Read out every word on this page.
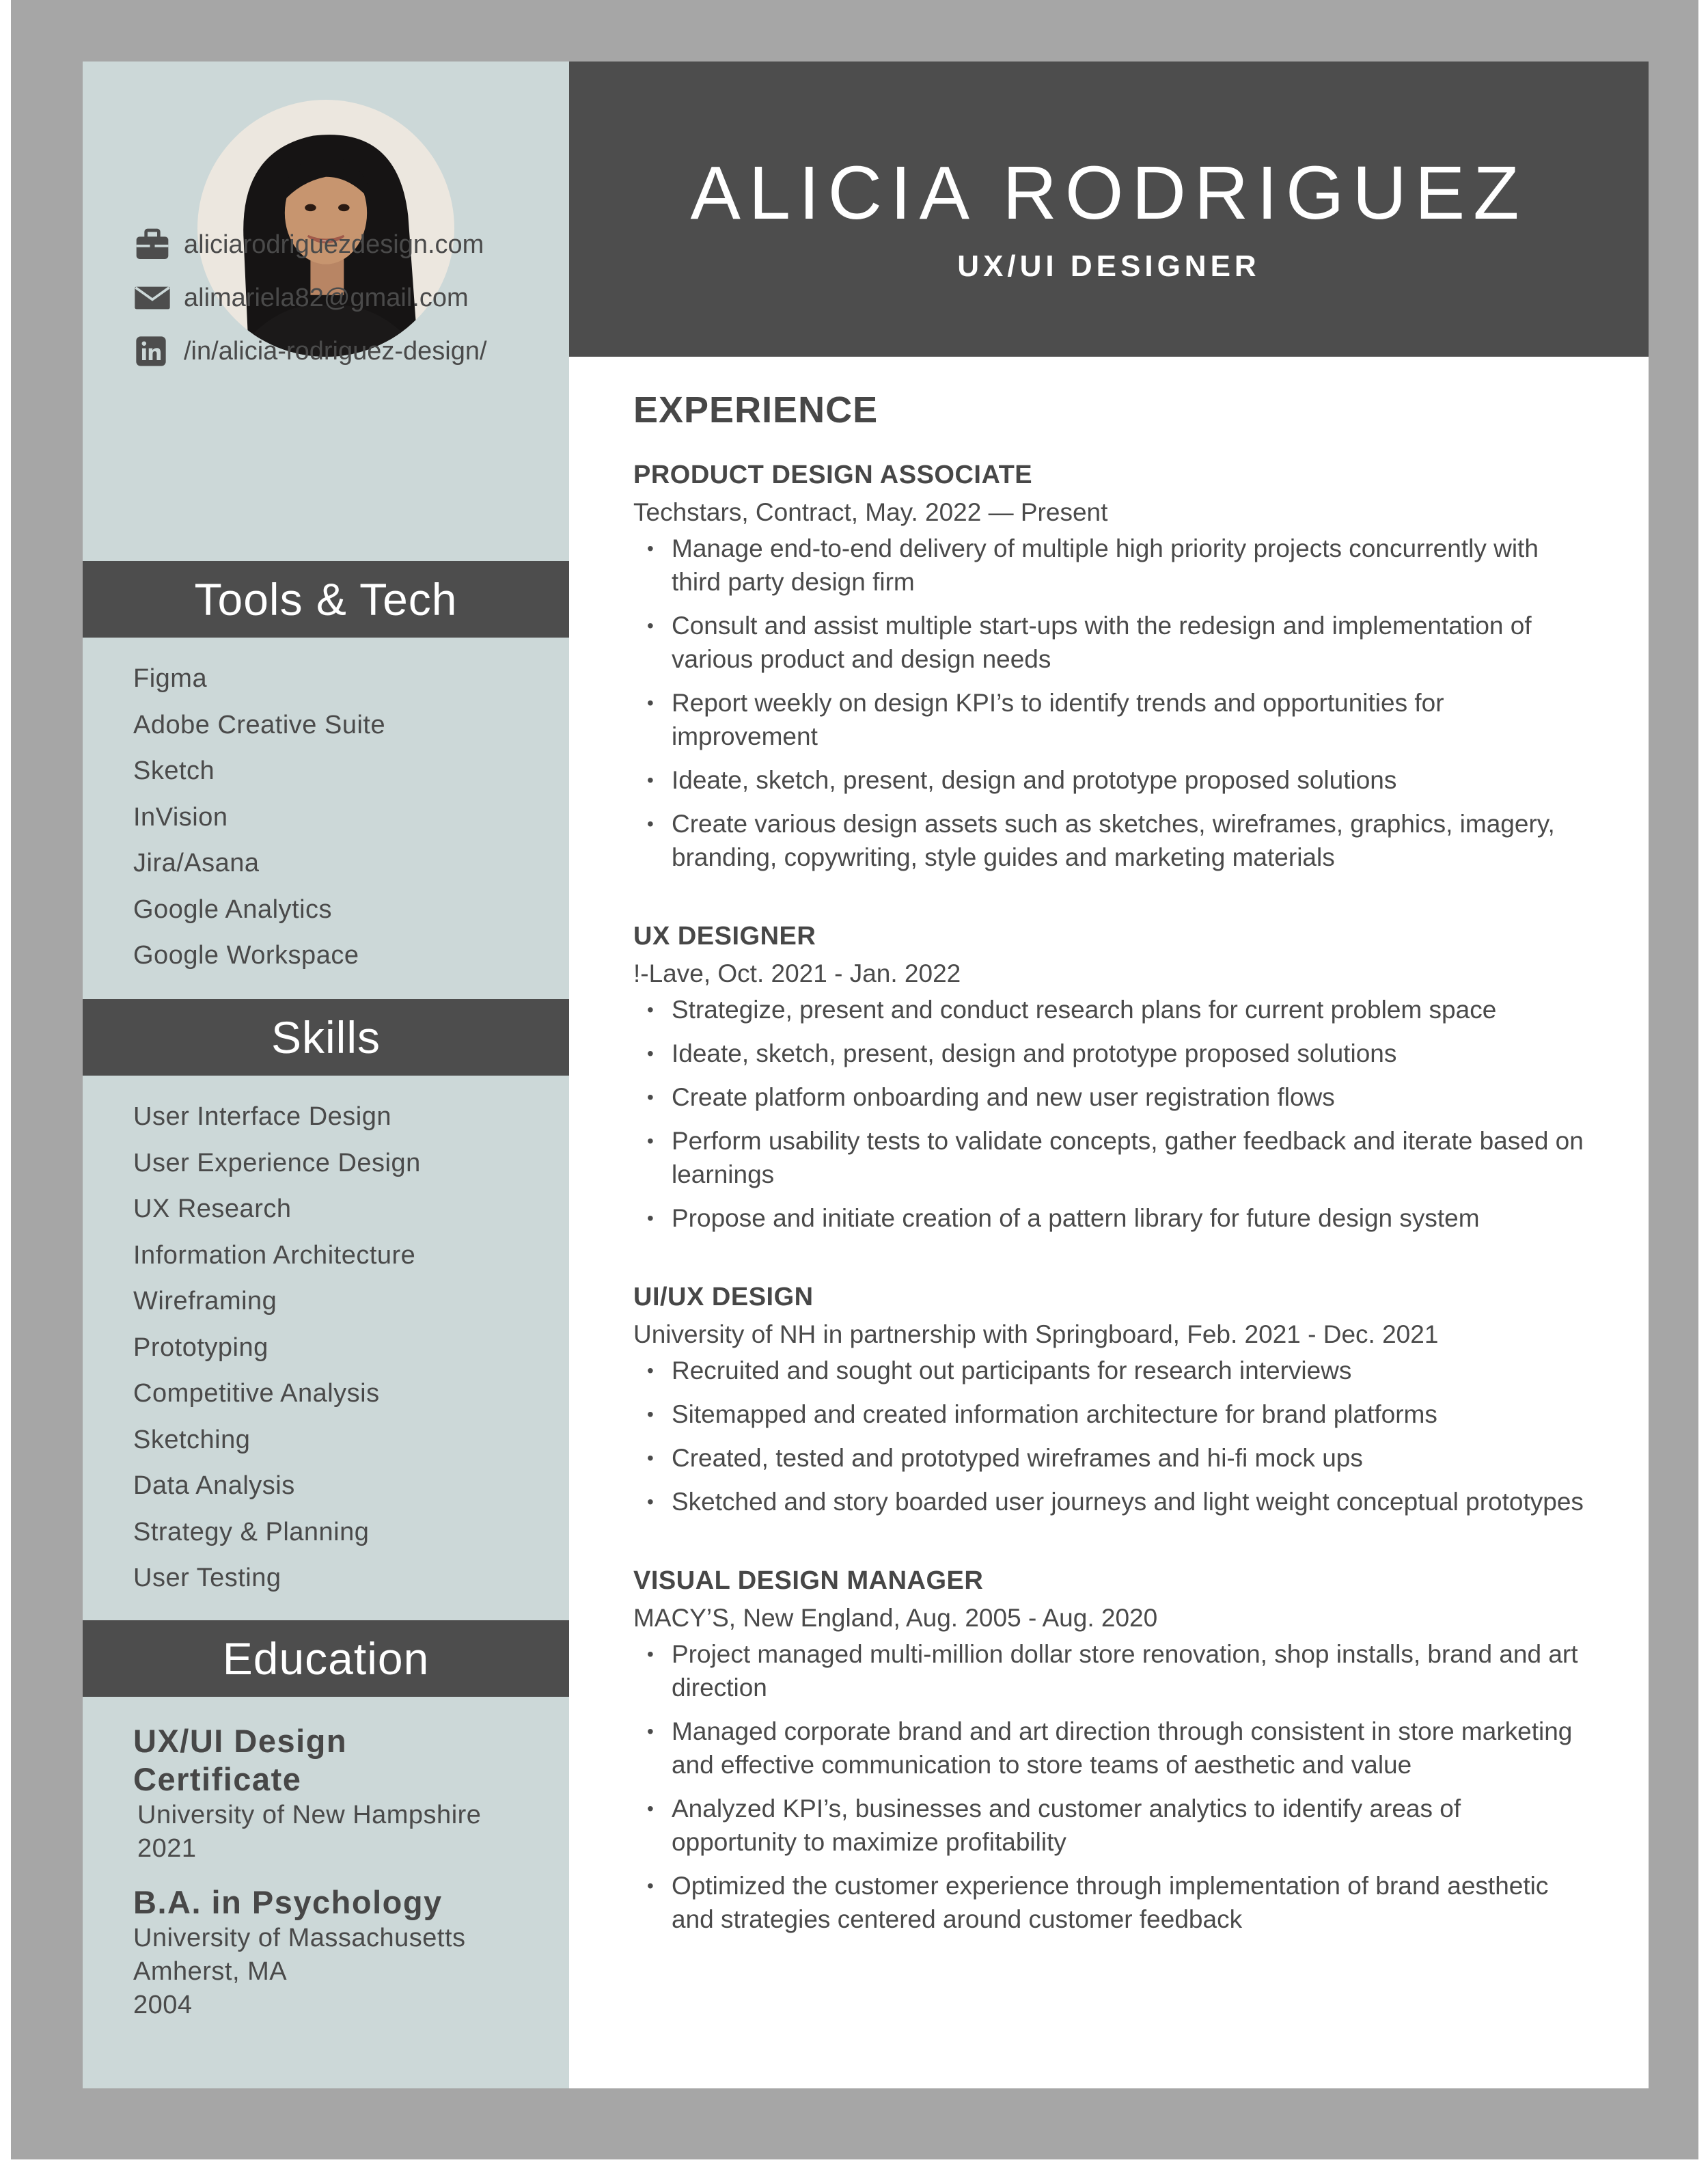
aliciarodriguezdesign.com
alimariela82@gmail.com
/in/alicia-rodriguez-design/
Tools & Tech
Figma
Adobe Creative Suite
Sketch
InVision
Jira/Asana
Google Analytics
Google Workspace
Skills
User Interface Design
User Experience Design
UX Research
Information Architecture
Wireframing
Prototyping
Competitive Analysis
Sketching
Data Analysis
Strategy & Planning
User Testing
Education
UX/UI Design Certificate
University of New Hampshire
2021
B.A. in Psychology
University of Massachusetts
Amherst, MA
2004
ALICIA RODRIGUEZ
UX/UI DESIGNER
EXPERIENCE
PRODUCT DESIGN ASSOCIATE
Techstars, Contract, May. 2022 — Present
• Manage end-to-end delivery of multiple high priority projects concurrently with third party design firm
• Consult and assist multiple start-ups with the redesign and implementation of various product and design needs
• Report weekly on design KPI’s to identify trends and opportunities for improvement
• Ideate, sketch, present, design and prototype proposed solutions
• Create various design assets such as sketches, wireframes, graphics, imagery, branding, copywriting, style guides and marketing materials
UX DESIGNER
!-Lave, Oct. 2021 - Jan. 2022
• Strategize, present and conduct research plans for current problem space
• Ideate, sketch, present, design and prototype proposed solutions
• Create platform onboarding and new user registration flows
• Perform usability tests to validate concepts, gather feedback and iterate based on learnings
• Propose and initiate creation of a pattern library for future design system
UI/UX DESIGN
University of NH in partnership with Springboard, Feb. 2021 - Dec. 2021
• Recruited and sought out participants for research interviews
• Sitemapped and created information architecture for brand platforms
• Created, tested and prototyped wireframes and hi-fi mock ups
• Sketched and story boarded user journeys and light weight conceptual prototypes
VISUAL DESIGN MANAGER
MACY’S, New England, Aug. 2005 - Aug. 2020
• Project managed multi-million dollar store renovation, shop installs, brand and art direction
• Managed corporate brand and art direction through consistent in store marketing and effective communication to store teams of aesthetic and value
• Analyzed KPI’s, businesses and customer analytics to identify areas of opportunity to maximize profitability
• Optimized the customer experience through implementation of brand aesthetic and strategies centered around customer feedback
